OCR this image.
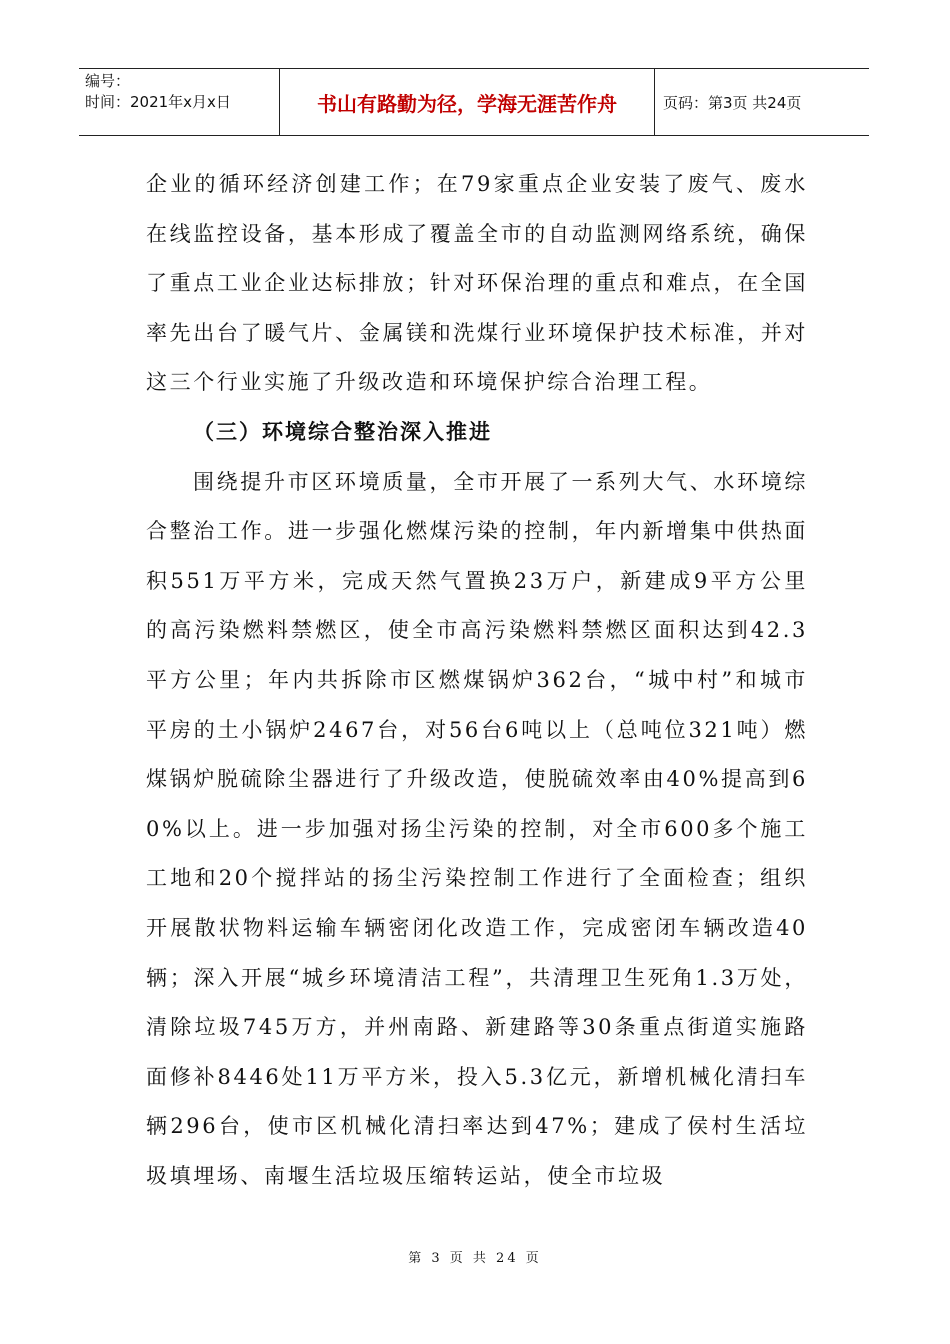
编号：
时间：2021年x月x日	书山有路勤为径，学海无涯苦作舟	页码：第3页 共24页

企业的循环经济创建工作；在79家重点企业安装了废气、废水在线监控设备，基本形成了覆盖全市的自动监测网络系统，确保了重点工业企业达标排放；针对环保治理的重点和难点，在全国率先出台了暖气片、金属镁和洗煤行业环境保护技术标准，并对这三个行业实施了升级改造和环境保护综合治理工程。

（三）环境综合整治深入推进

围绕提升市区环境质量，全市开展了一系列大气、水环境综合整治工作。进一步强化燃煤污染的控制，年内新增集中供热面积551万平方米，完成天然气置换23万户，新建成9平方公里的高污染燃料禁燃区，使全市高污染燃料禁燃区面积达到42.3平方公里；年内共拆除市区燃煤锅炉362台，“城中村”和城市平房的土小锅炉2467台，对56台6吨以上（总吨位321吨）燃煤锅炉脱硫除尘器进行了升级改造，使脱硫效率由40%提高到60%以上。进一步加强对扬尘污染的控制，对全市600多个施工工地和20个搅拌站的扬尘污染控制工作进行了全面检查；组织开展散状物料运输车辆密闭化改造工作，完成密闭车辆改造40辆；深入开展“城乡环境清洁工程”，共清理卫生死角1.3万处，清除垃圾745万方，并州南路、新建路等30条重点街道实施路面修补8446处11万平方米，投入5.3亿元，新增机械化清扫车辆296台，使市区机械化清扫率达到47%；建成了侯村生活垃圾填埋场、南堰生活垃圾压缩转运站，使全市垃圾

第 3 页 共 24 页
